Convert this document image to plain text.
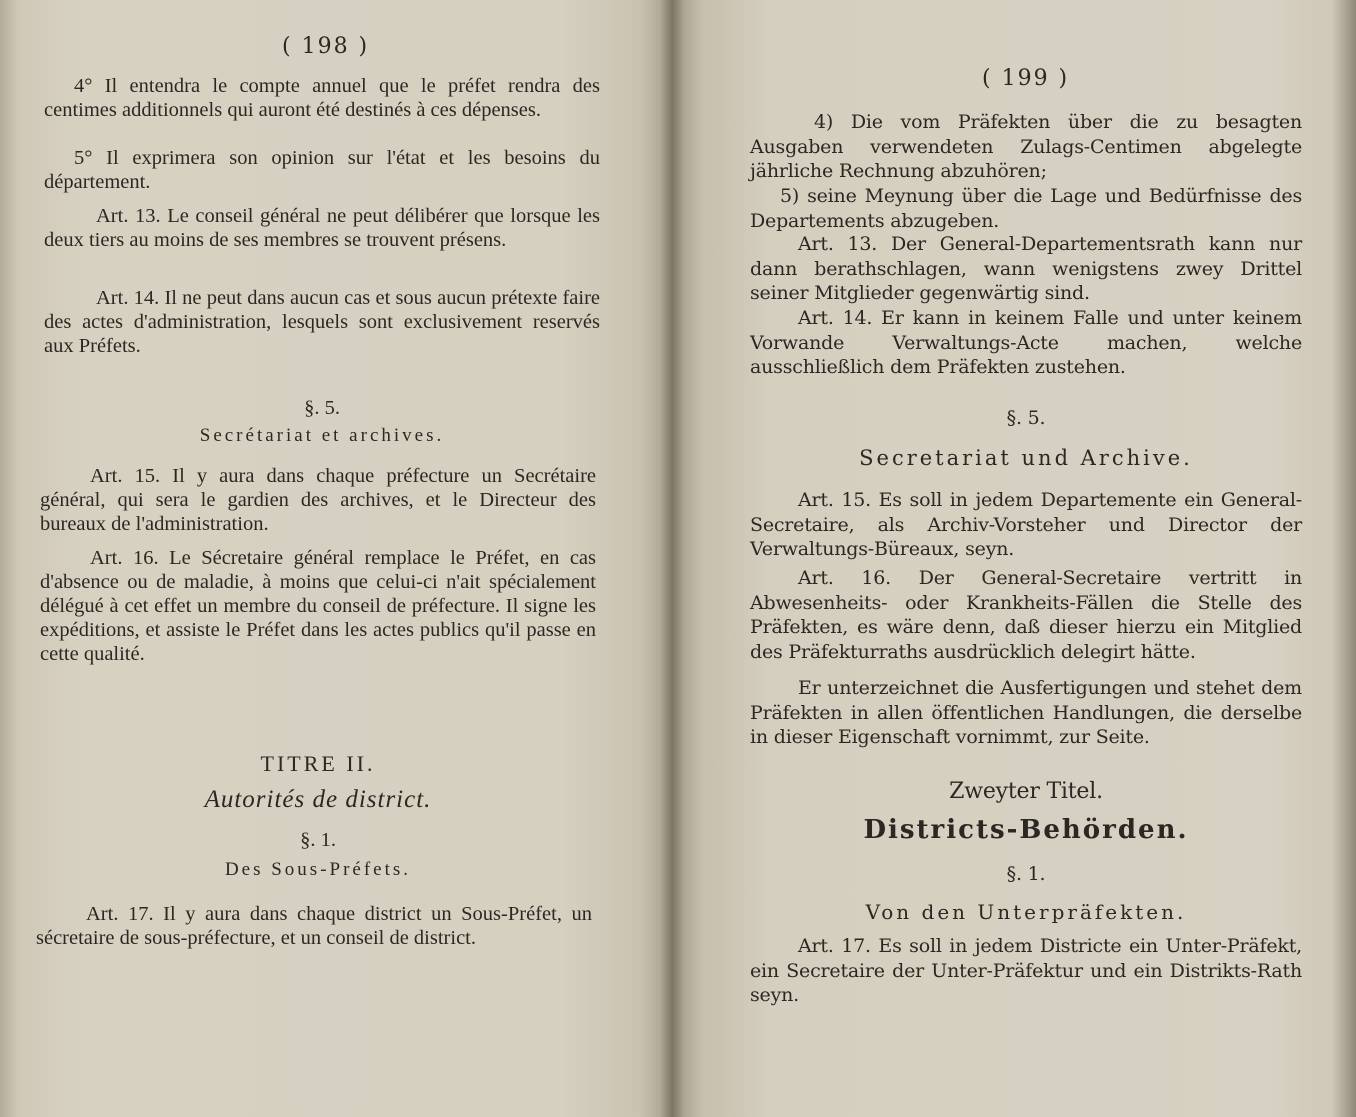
( 198 )

4° Il entendra le compte annuel que le préfet rendra des centimes additionnels qui auront été destinés à ces dépenses.

5° Il exprimera son opinion sur l'état et les besoins du département.

Art. 13. Le conseil général ne peut délibérer que lorsque les deux tiers au moins de ses membres se trouvent présens.

Art. 14. Il ne peut dans aucun cas et sous aucun prétexte faire des actes d'administration, lesquels sont exclusivement reservés aux Préfets.

§. 5.
Secrétariat et archives.

Art. 15. Il y aura dans chaque préfecture un Secrétaire général, qui sera le gardien des archives, et le Directeur des bureaux de l'administration.

Art. 16. Le Sécretaire général remplace le Préfet, en cas d'absence ou de maladie, à moins que celui-ci n'ait spécialement délégué à cet effet un membre du conseil de préfecture. Il signe les expéditions, et assiste le Préfet dans les actes publics qu'il passe en cette qualité.

TITRE II.
Autorités de district.
§. 1.
Des Sous-Préfets.

Art. 17. Il y aura dans chaque district un Sous-Préfet, un sécretaire de sous-préfecture, et un conseil de district.

( 199 )

4) Die vom Präfekten über die zu besagten Ausgaben verwendeten Zulags-Centimen abgelegte jährliche Rechnung abzuhören;

5) seine Meynung über die Lage und Bedürfnisse des Departements abzugeben.

Art. 13. Der General-Departementsrath kann nur dann berathschlagen, wann wenigstens zwey Drittel seiner Mitglieder gegenwärtig sind.

Art. 14. Er kann in keinem Falle und unter keinem Vorwande Verwaltungs-Acte machen, welche ausschließlich dem Präfekten zustehen.

§. 5.
Secretariat und Archive.

Art. 15. Es soll in jedem Departemente ein General-Secretaire, als Archiv-Vorsteher und Director der Verwaltungs-Büreaux, seyn.

Art. 16. Der General-Secretaire vertritt in Abwesenheits- oder Krankheits-Fällen die Stelle des Präfekten, es wäre denn, daß dieser hierzu ein Mitglied des Präfekturraths ausdrücklich delegirt hätte.

Er unterzeichnet die Ausfertigungen und stehet dem Präfekten in allen öffentlichen Handlungen, die derselbe in dieser Eigenschaft vornimmt, zur Seite.

Zweyter Titel.
Districts-Behörden.
§. 1.
Von den Unterpräfekten.

Art. 17. Es soll in jedem Districte ein Unter-Präfekt, ein Secretaire der Unter-Präfektur und ein Distrikts-Rath seyn.
